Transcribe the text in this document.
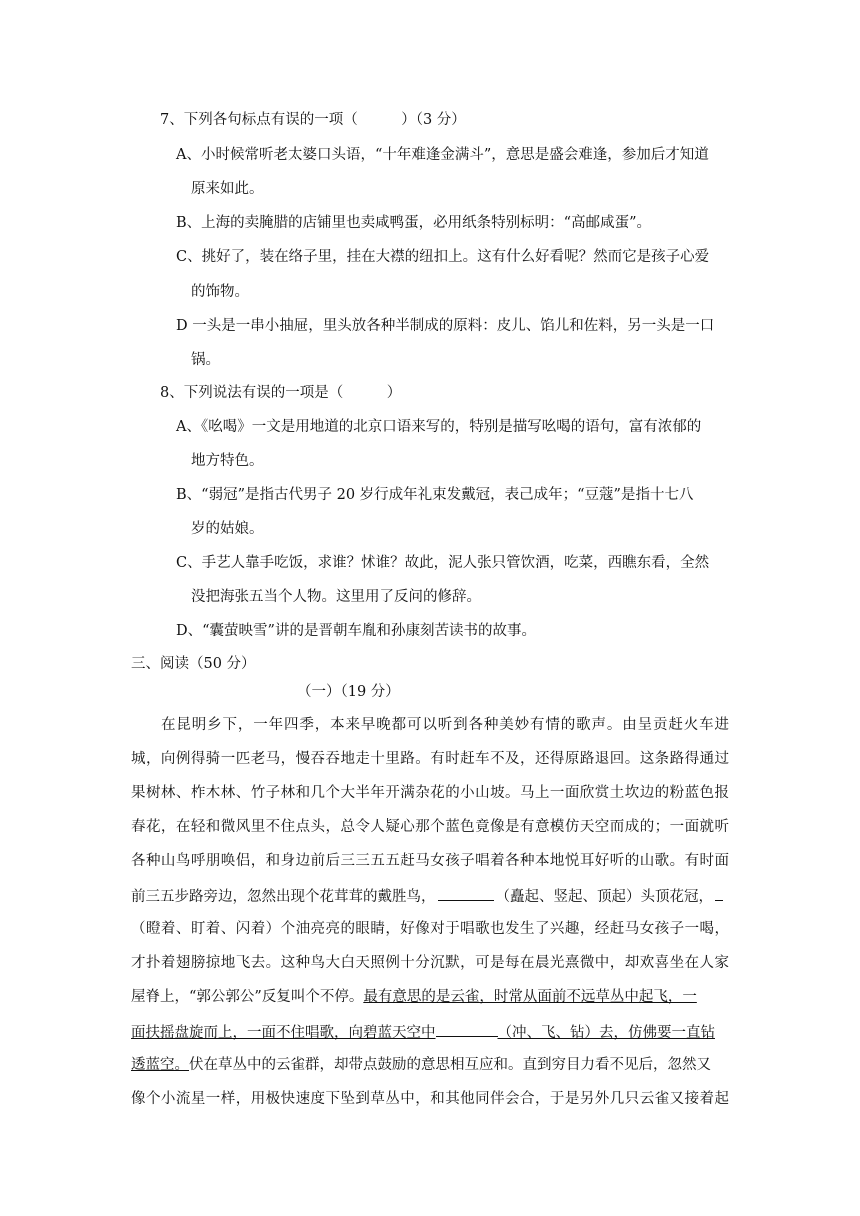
7、下列各句标点有误的一项（　　　）（3 分）
A、小时候常听老太婆口头语，“十年难逢金满斗”，意思是盛会难逢，参加后才知道
原来如此。
B、上海的卖腌腊的店铺里也卖咸鸭蛋，必用纸条特别标明：“高邮咸蛋”。
C、挑好了，装在络子里，挂在大襟的纽扣上。这有什么好看呢？然而它是孩子心爱
的饰物。
D 一头是一串小抽屉，里头放各种半制成的原料：皮儿、馅儿和佐料，另一头是一口
锅。
8、下列说法有误的一项是（　　　）
A、《吆喝》一文是用地道的北京口语来写的，特别是描写吆喝的语句，富有浓郁的
地方特色。
B、“弱冠”是指古代男子 20 岁行成年礼束发戴冠，表己成年；“豆蔻”是指十七八
岁的姑娘。
C、手艺人靠手吃饭，求谁？怵谁？故此，泥人张只管饮酒，吃菜，西瞧东看，全然
没把海张五当个人物。这里用了反问的修辞。
D、“囊萤映雪”讲的是晋朝车胤和孙康刻苦读书的故事。
三、阅读（50 分）
（一）（19 分）
在昆明乡下，一年四季，本来早晚都可以听到各种美妙有情的歌声。由呈贡赶火车进
城，向例得骑一匹老马，慢吞吞地走十里路。有时赶车不及，还得原路退回。这条路得通过
果树林、柞木林、竹子林和几个大半年开满杂花的小山坡。马上一面欣赏土坎边的粉蓝色报
春花，在轻和微风里不住点头，总令人疑心那个蓝色竟像是有意模仿天空而成的；一面就听
各种山鸟呼朋唤侣，和身边前后三三五五赶马女孩子唱着各种本地悦耳好听的山歌。有时面
前三五步路旁边，忽然出现个花茸茸的戴胜鸟，	（矗起、竖起、顶起）头顶花冠，
（瞪着、盯着、闪着）个油亮亮的眼睛，好像对于唱歌也发生了兴趣，经赶马女孩子一喝，
才扑着翅膀掠地飞去。这种鸟大白天照例十分沉默，可是每在晨光熹微中，却欢喜坐在人家
屋脊上，“郭公郭公”反复叫个不停。最有意思的是云雀，时常从面前不远草丛中起飞，一
面扶摇盘旋而上，一面不住唱歌，向碧蓝天空中	（冲、飞、钻）去，仿佛要一直钻
透蓝空。伏在草丛中的云雀群，却带点鼓励的意思相互应和。直到穷目力看不见后，忽然又
像个小流星一样，用极快速度下坠到草丛中，和其他同伴会合，于是另外几只云雀又接着起
